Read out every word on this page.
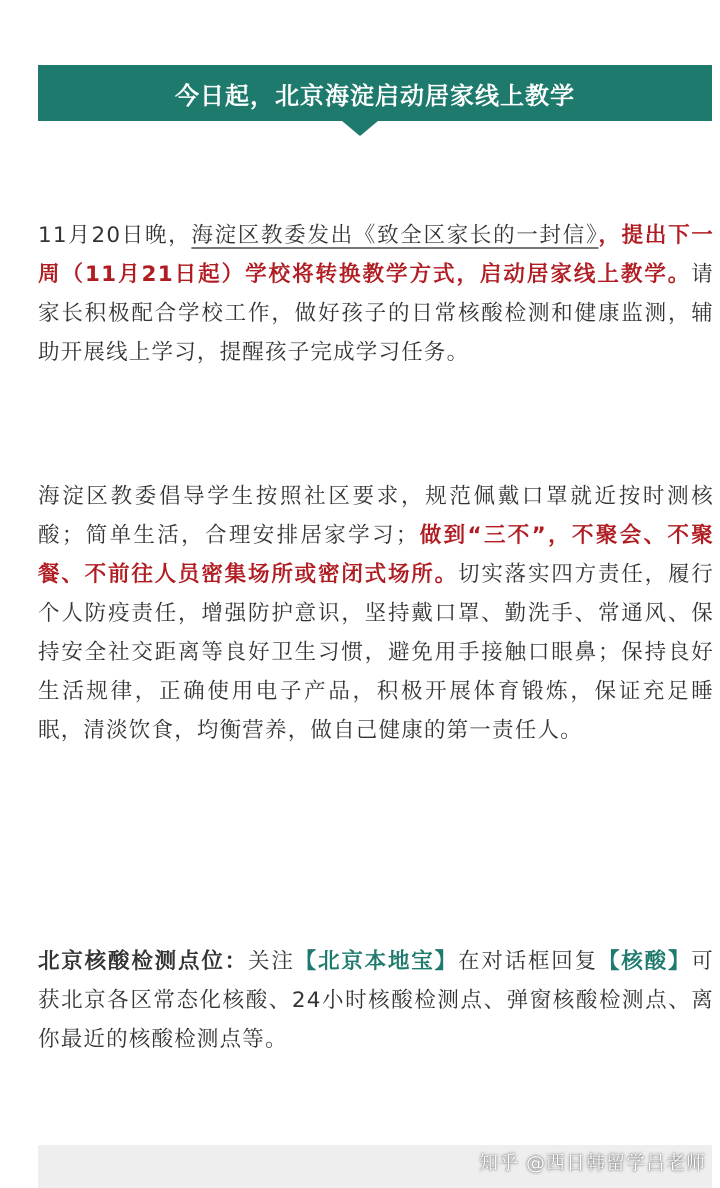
今日起，北京海淀启动居家线上教学

11月20日晚，海淀区教委发出《致全区家长的一封信》，提出下一周（11月21日起）学校将转换教学方式，启动居家线上教学。请家长积极配合学校工作，做好孩子的日常核酸检测和健康监测，辅助开展线上学习，提醒孩子完成学习任务。

海淀区教委倡导学生按照社区要求，规范佩戴口罩就近按时测核酸；简单生活，合理安排居家学习；做到“三不”，不聚会、不聚餐、不前往人员密集场所或密闭式场所。切实落实四方责任，履行个人防疫责任，增强防护意识，坚持戴口罩、勤洗手、常通风、保持安全社交距离等良好卫生习惯，避免用手接触口眼鼻；保持良好生活规律，正确使用电子产品，积极开展体育锻炼，保证充足睡眠，清淡饮食，均衡营养，做自己健康的第一责任人。

北京核酸检测点位：关注【北京本地宝】在对话框回复【核酸】可获北京各区常态化核酸、24小时核酸检测点、弹窗核酸检测点、离你最近的核酸检测点等。

知乎 @西日韩留学吕老师
